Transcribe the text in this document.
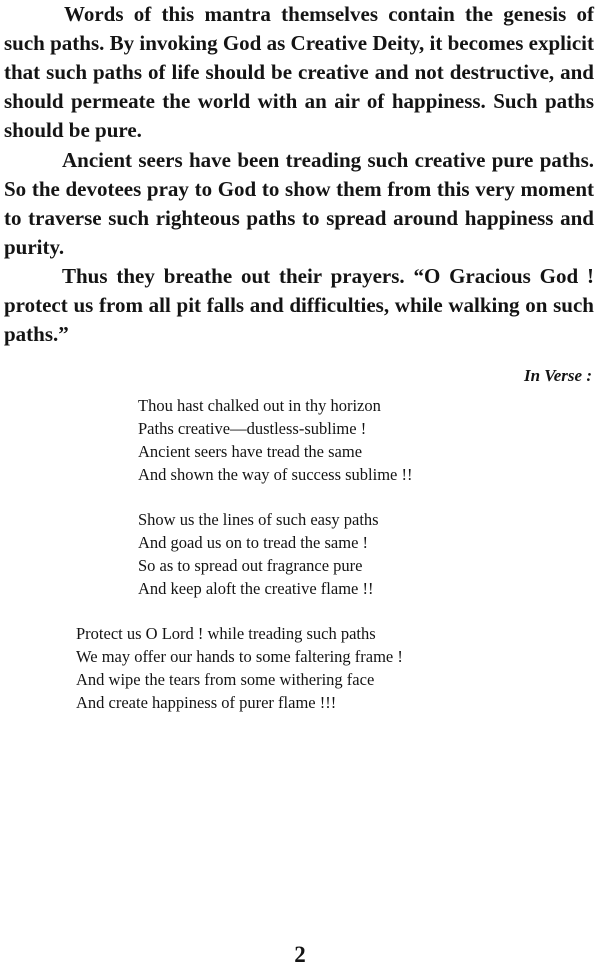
Words of this mantra themselves contain the genesis of such paths. By invoking God as Creative Deity, it becomes explicit that such paths of life should be creative and not destructive, and should permeate the world with an air of happiness. Such paths should be pure.

Ancient seers have been treading such creative pure paths. So the devotees pray to God to show them from this very moment to traverse such righteous paths to spread around happiness and purity.

Thus they breathe out their prayers. “O Gracious God ! protect us from all pit falls and difficulties, while walking on such paths.”

In Verse :

Thou hast chalked out in thy horizon
Paths creative—dustless-sublime !
Ancient seers have tread the same
And shown the way of success sublime !!
Show us the lines of such easy paths
And goad us on to tread the same !
So as to spread out fragrance pure
And keep aloft the creative flame !!
Protect us O Lord ! while treading such paths
We may offer our hands to some faltering frame !
And wipe the tears from some withering face
And create happiness of purer flame !!!

2
